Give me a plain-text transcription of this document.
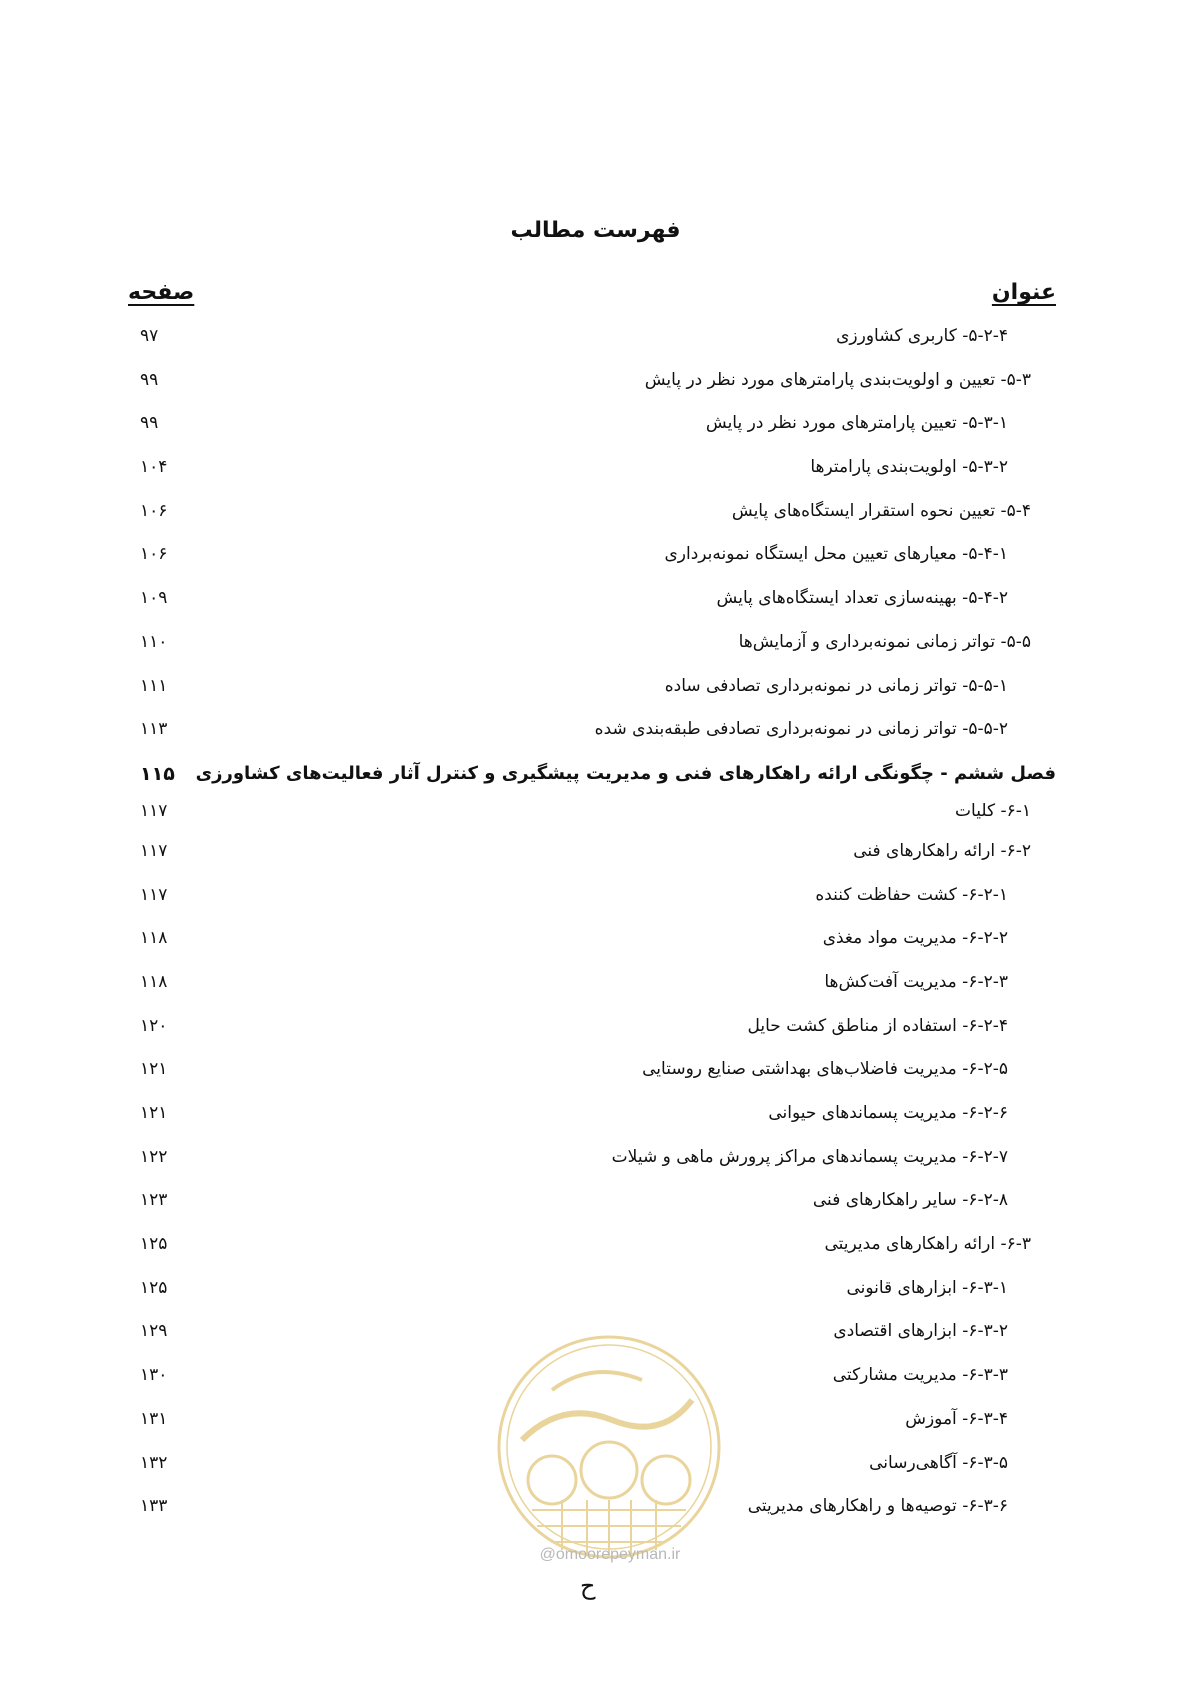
فهرست مطالب
عنوان
صفحه
۵-۲-۴- کاربری کشاورزی
۹۷
۵-۳- تعیین و اولویت‌بندی پارامترهای مورد نظر در پایش
۹۹
۵-۳-۱- تعیین پارامترهای مورد نظر در پایش
۹۹
۵-۳-۲- اولویت‌بندی پارامترها
۱۰۴
۵-۴- تعیین نحوه استقرار ایستگاه‌های پایش
۱۰۶
۵-۴-۱- معیارهای تعیین محل ایستگاه نمونه‌برداری
۱۰۶
۵-۴-۲- بهینه‌سازی تعداد ایستگاه‌های پایش
۱۰۹
۵-۵- تواتر زمانی نمونه‌برداری و آزمایش‌ها
۱۱۰
۵-۵-۱- تواتر زمانی در نمونه‌برداری تصادفی ساده
۱۱۱
۵-۵-۲- تواتر زمانی در نمونه‌برداری تصادفی طبقه‌بندی شده
۱۱۳
فصل ششم - چگونگی ارائه راهکارهای فنی و مدیریت پیشگیری و کنترل آثار فعالیت‌های کشاورزی
۱۱۵
۶-۱- کلیات
۱۱۷
۶-۲- ارائه راهکارهای فنی
۱۱۷
۶-۲-۱- کشت حفاظت کننده
۱۱۷
۶-۲-۲- مدیریت مواد مغذی
۱۱۸
۶-۲-۳- مدیریت آفت‌کش‌ها
۱۱۸
۶-۲-۴- استفاده از مناطق کشت حایل
۱۲۰
۶-۲-۵- مدیریت فاضلاب‌های بهداشتی صنایع روستایی
۱۲۱
۶-۲-۶- مدیریت پسماندهای حیوانی
۱۲۱
۶-۲-۷- مدیریت پسماندهای مراکز پرورش ماهی و شیلات
۱۲۲
۶-۲-۸- سایر راهکارهای فنی
۱۲۳
۶-۳- ارائه راهکارهای مدیریتی
۱۲۵
۶-۳-۱- ابزارهای قانونی
۱۲۵
۶-۳-۲- ابزارهای اقتصادی
۱۲۹
۶-۳-۳- مدیریت مشارکتی
۱۳۰
۶-۳-۴- آموزش
۱۳۱
۶-۳-۵- آگاهی‌رسانی
۱۳۲
۶-۳-۶- توصیه‌ها و راهکارهای مدیریتی
۱۳۳
@omoorepeyman.ir
ح
